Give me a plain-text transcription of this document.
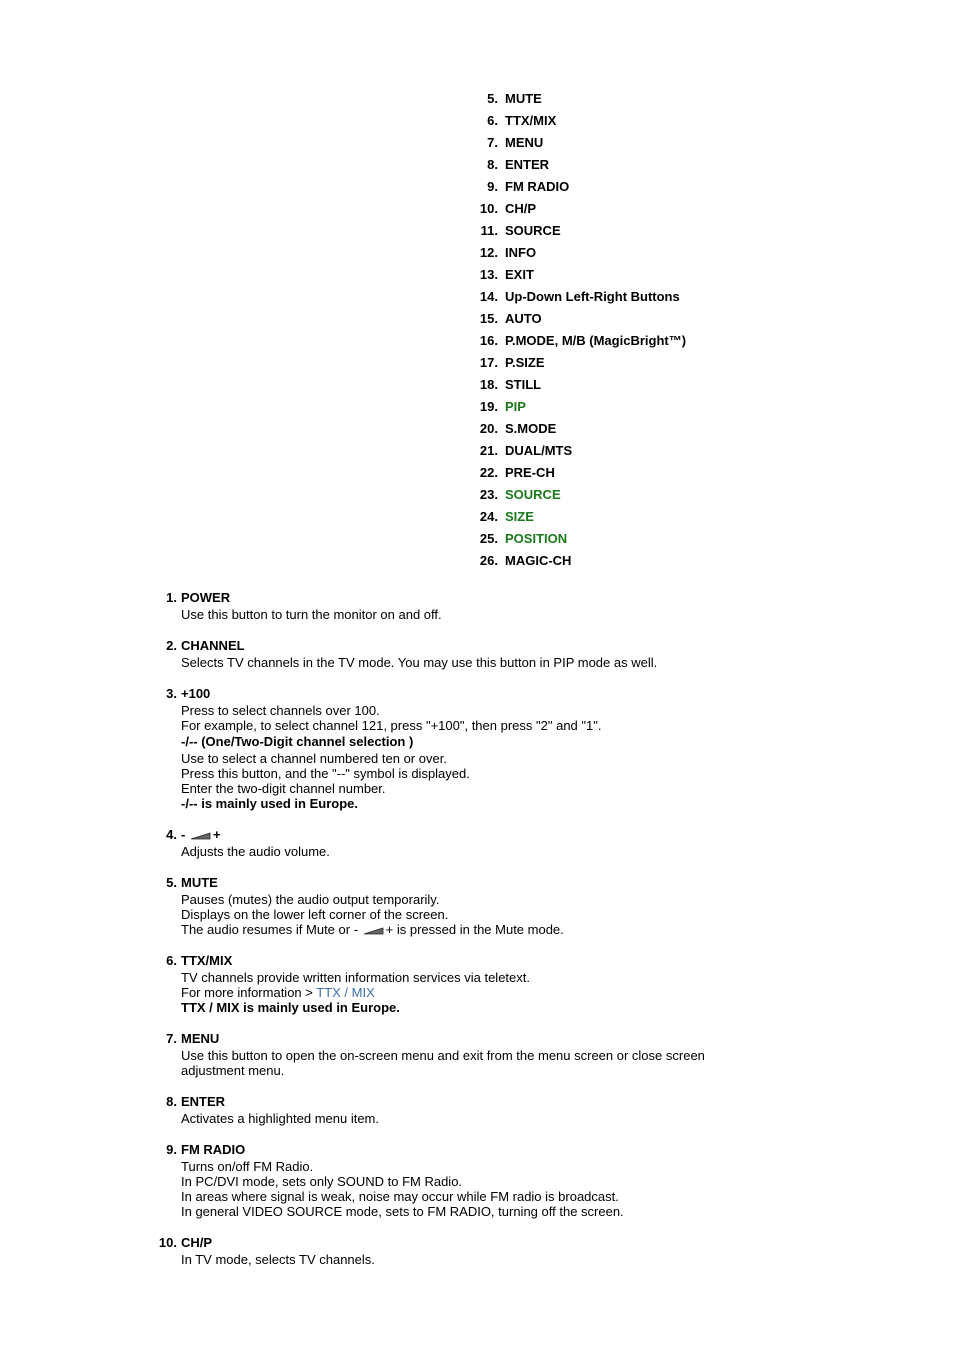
5. MUTE
6. TTX/MIX
7. MENU
8. ENTER
9. FM RADIO
10. CH/P
11. SOURCE
12. INFO
13. EXIT
14. Up-Down Left-Right Buttons
15. AUTO
16. P.MODE, M/B (MagicBright™)
17. P.SIZE
18. STILL
19. PIP
20. S.MODE
21. DUAL/MTS
22. PRE-CH
23. SOURCE
24. SIZE
25. POSITION
26. MAGIC-CH
1. POWER
Use this button to turn the monitor on and off.
2. CHANNEL
Selects TV channels in the TV mode. You may use this button in PIP mode as well.
3. +100
Press to select channels over 100.
For example, to select channel 121, press "+100", then press "2" and "1".
-/-- (One/Two-Digit channel selection )
Use to select a channel numbered ten or over.
Press this button, and the "--" symbol is displayed.
Enter the two-digit channel number.
-/-- is mainly used in Europe.
4. - +
Adjusts the audio volume.
5. MUTE
Pauses (mutes) the audio output temporarily.
Displays on the lower left corner of the screen.
The audio resumes if Mute or - + is pressed in the Mute mode.
6. TTX/MIX
TV channels provide written information services via teletext.
For more information > TTX / MIX
TTX / MIX is mainly used in Europe.
7. MENU
Use this button to open the on-screen menu and exit from the menu screen or close screen
adjustment menu.
8. ENTER
Activates a highlighted menu item.
9. FM RADIO
Turns on/off FM Radio.
In PC/DVI mode, sets only SOUND to FM Radio.
In areas where signal is weak, noise may occur while FM radio is broadcast.
In general VIDEO SOURCE mode, sets to FM RADIO, turning off the screen.
10. CH/P
In TV mode, selects TV channels.
